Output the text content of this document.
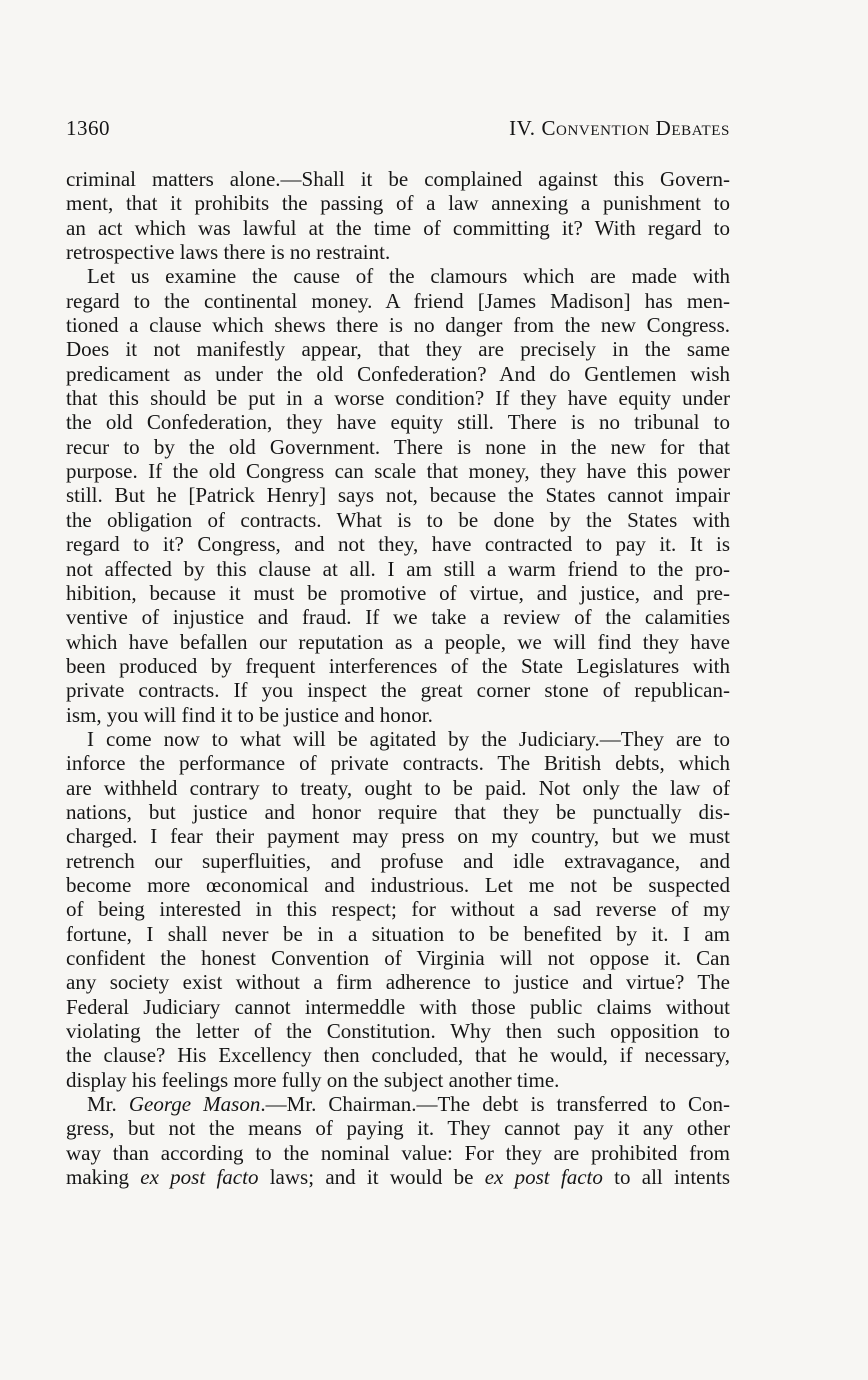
1360	IV. Convention Debates
criminal matters alone.—Shall it be complained against this Govern-
ment, that it prohibits the passing of a law annexing a punishment to
an act which was lawful at the time of committing it? With regard to
retrospective laws there is no restraint.
Let us examine the cause of the clamours which are made with
regard to the continental money. A friend [James Madison] has men-
tioned a clause which shews there is no danger from the new Congress.
Does it not manifestly appear, that they are precisely in the same
predicament as under the old Confederation? And do Gentlemen wish
that this should be put in a worse condition? If they have equity under
the old Confederation, they have equity still. There is no tribunal to
recur to by the old Government. There is none in the new for that
purpose. If the old Congress can scale that money, they have this power
still. But he [Patrick Henry] says not, because the States cannot impair
the obligation of contracts. What is to be done by the States with
regard to it? Congress, and not they, have contracted to pay it. It is
not affected by this clause at all. I am still a warm friend to the pro-
hibition, because it must be promotive of virtue, and justice, and pre-
ventive of injustice and fraud. If we take a review of the calamities
which have befallen our reputation as a people, we will find they have
been produced by frequent interferences of the State Legislatures with
private contracts. If you inspect the great corner stone of republican-
ism, you will find it to be justice and honor.
I come now to what will be agitated by the Judiciary.—They are to
inforce the performance of private contracts. The British debts, which
are withheld contrary to treaty, ought to be paid. Not only the law of
nations, but justice and honor require that they be punctually dis-
charged. I fear their payment may press on my country, but we must
retrench our superfluities, and profuse and idle extravagance, and
become more œconomical and industrious. Let me not be suspected
of being interested in this respect; for without a sad reverse of my
fortune, I shall never be in a situation to be benefited by it. I am
confident the honest Convention of Virginia will not oppose it. Can
any society exist without a firm adherence to justice and virtue? The
Federal Judiciary cannot intermeddle with those public claims without
violating the letter of the Constitution. Why then such opposition to
the clause? His Excellency then concluded, that he would, if necessary,
display his feelings more fully on the subject another time.
Mr. George Mason.—Mr. Chairman.—The debt is transferred to Con-
gress, but not the means of paying it. They cannot pay it any other
way than according to the nominal value: For they are prohibited from
making ex post facto laws; and it would be ex post facto to all intents
